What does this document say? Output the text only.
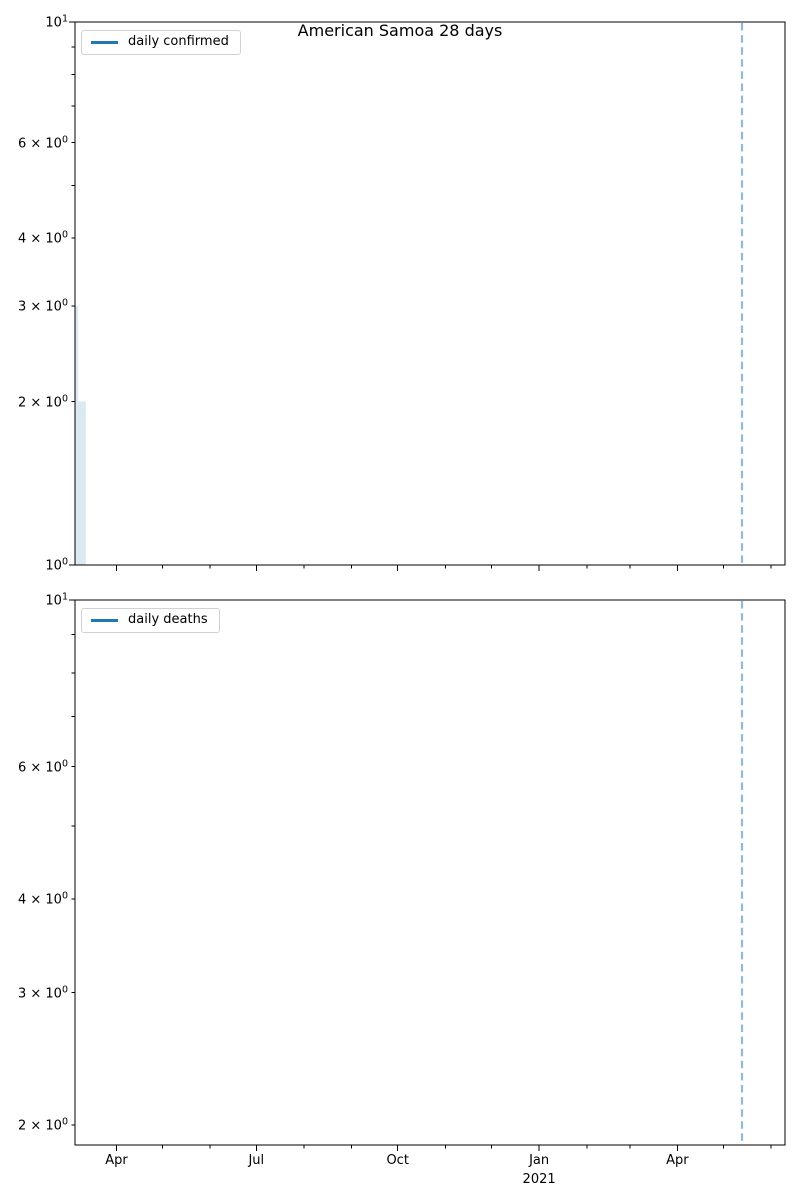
$10^1$
$6 \times 10^0$
$4 \times 10^0$
$3 \times 10^0$
$2 \times 10^0$
$10^0$
Apr	Jul	Oct	Jan
2021
Apr
$10^1$
$6 \times 10^0$
$4 \times 10^0$
$3 \times 10^0$
$2 \times 10^0$
American Samoa 28 days
daily confirmed
daily deaths
